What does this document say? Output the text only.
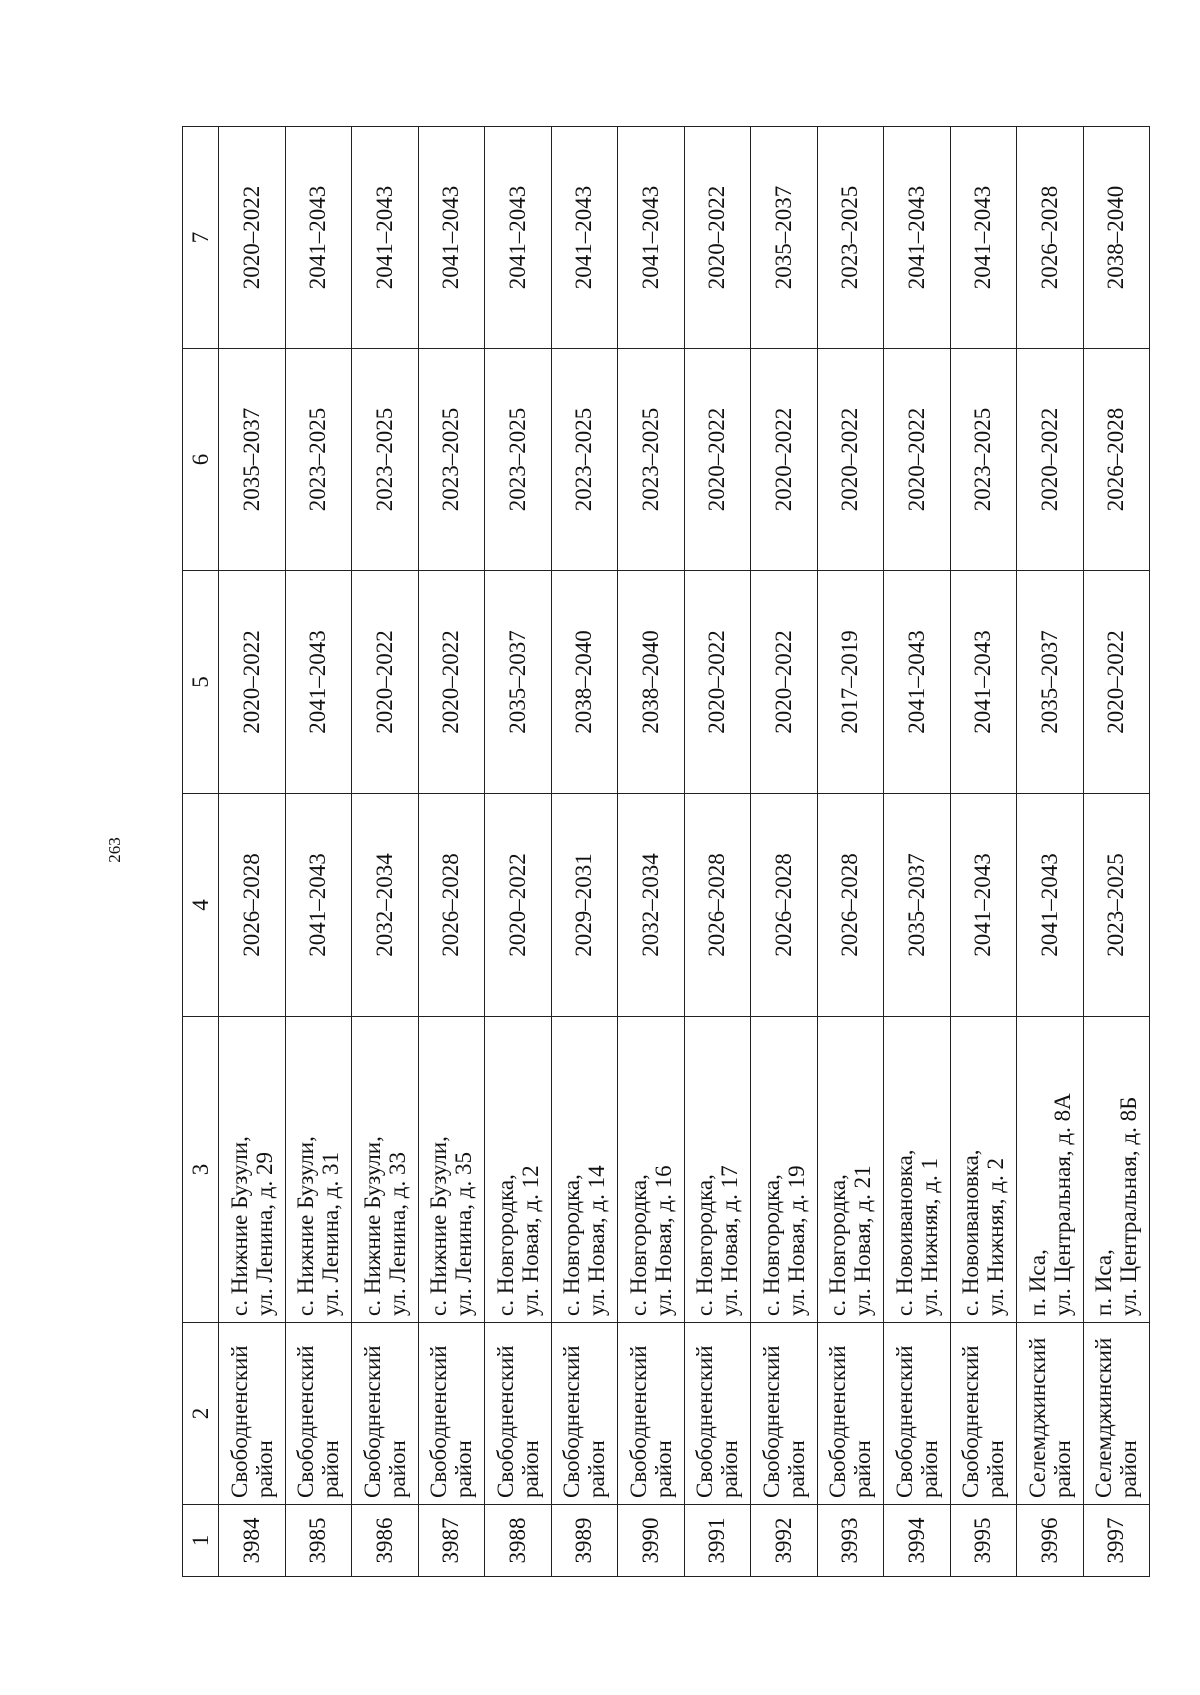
263
1	2	3	4	5	6	7
3984	Свободненский район	с. Нижние Бузули, ул. Ленина, д. 29	2026–2028	2020–2022	2035–2037	2020–2022
3985	Свободненский район	с. Нижние Бузули, ул. Ленина, д. 31	2041–2043	2041–2043	2023–2025	2041–2043
3986	Свободненский район	с. Нижние Бузули, ул. Ленина, д. 33	2032–2034	2020–2022	2023–2025	2041–2043
3987	Свободненский район	с. Нижние Бузули, ул. Ленина, д. 35	2026–2028	2020–2022	2023–2025	2041–2043
3988	Свободненский район	с. Новгородка, ул. Новая, д. 12	2020–2022	2035–2037	2023–2025	2041–2043
3989	Свободненский район	с. Новгородка, ул. Новая, д. 14	2029–2031	2038–2040	2023–2025	2041–2043
3990	Свободненский район	с. Новгородка, ул. Новая, д. 16	2032–2034	2038–2040	2023–2025	2041–2043
3991	Свободненский район	с. Новгородка, ул. Новая, д. 17	2026–2028	2020–2022	2020–2022	2020–2022
3992	Свободненский район	с. Новгородка, ул. Новая, д. 19	2026–2028	2020–2022	2020–2022	2035–2037
3993	Свободненский район	с. Новгородка, ул. Новая, д. 21	2026–2028	2017–2019	2020–2022	2023–2025
3994	Свободненский район	с. Новоивановка, ул. Нижняя, д. 1	2035–2037	2041–2043	2020–2022	2041–2043
3995	Свободненский район	с. Новоивановка, ул. Нижняя, д. 2	2041–2043	2041–2043	2023–2025	2041–2043
3996	Селемджинский район	п. Иса, ул. Центральная, д. 8А	2041–2043	2035–2037	2020–2022	2026–2028
3997	Селемджинский район	п. Иса, ул. Центральная, д. 8Б	2023–2025	2020–2022	2026–2028	2038–2040
